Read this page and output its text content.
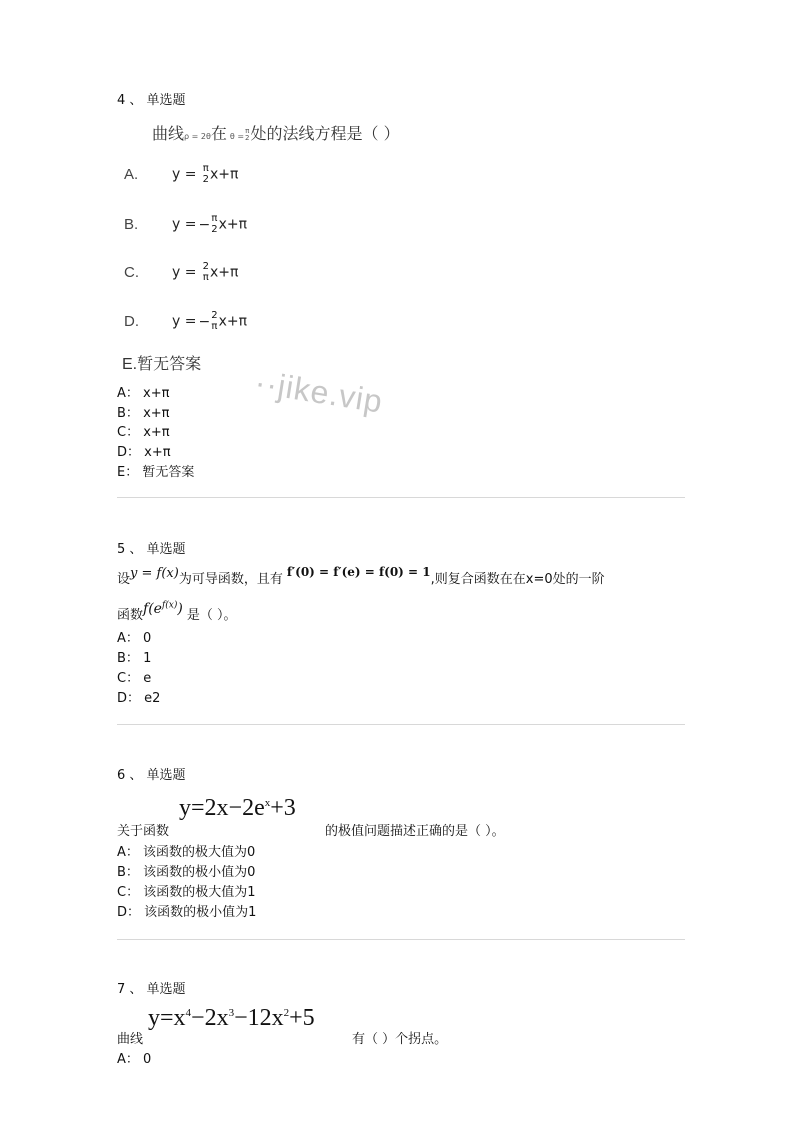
4 、 单选题
曲线ρ = 2θ在 θ =
π
2 处的法线方程是（ ）
A. y = π
2 x+π
B. y = − π
2 x+π
C. y = 2
π x+π
D. y = − 2
π x+π
E.暂无答案 ··jike.vip
A： x+π
B： x+π
C： x+π
D： x+π
E： 暂无答案
5 、 单选题
设y = f(x)为可导函数，且有 f′(0) = f′(e) = f(0) = 1,则复合函数在在x=0处的一阶
函数$f(e^{f(x)})$ 是（ ）。
A： 0
B： 1
C： e
D： e2
6 、 单选题
关于函数
$y=2x-2e^x+3$
的极值问题描述正确的是（ ）。
A： 该函数的极大值为0
B： 该函数的极小值为0
C： 该函数的极大值为1
D： 该函数的极小值为1
7 、 单选题
曲线
$y=x^4-2x^3-12x^2+5$
有（ ）个拐点。
A： 0
